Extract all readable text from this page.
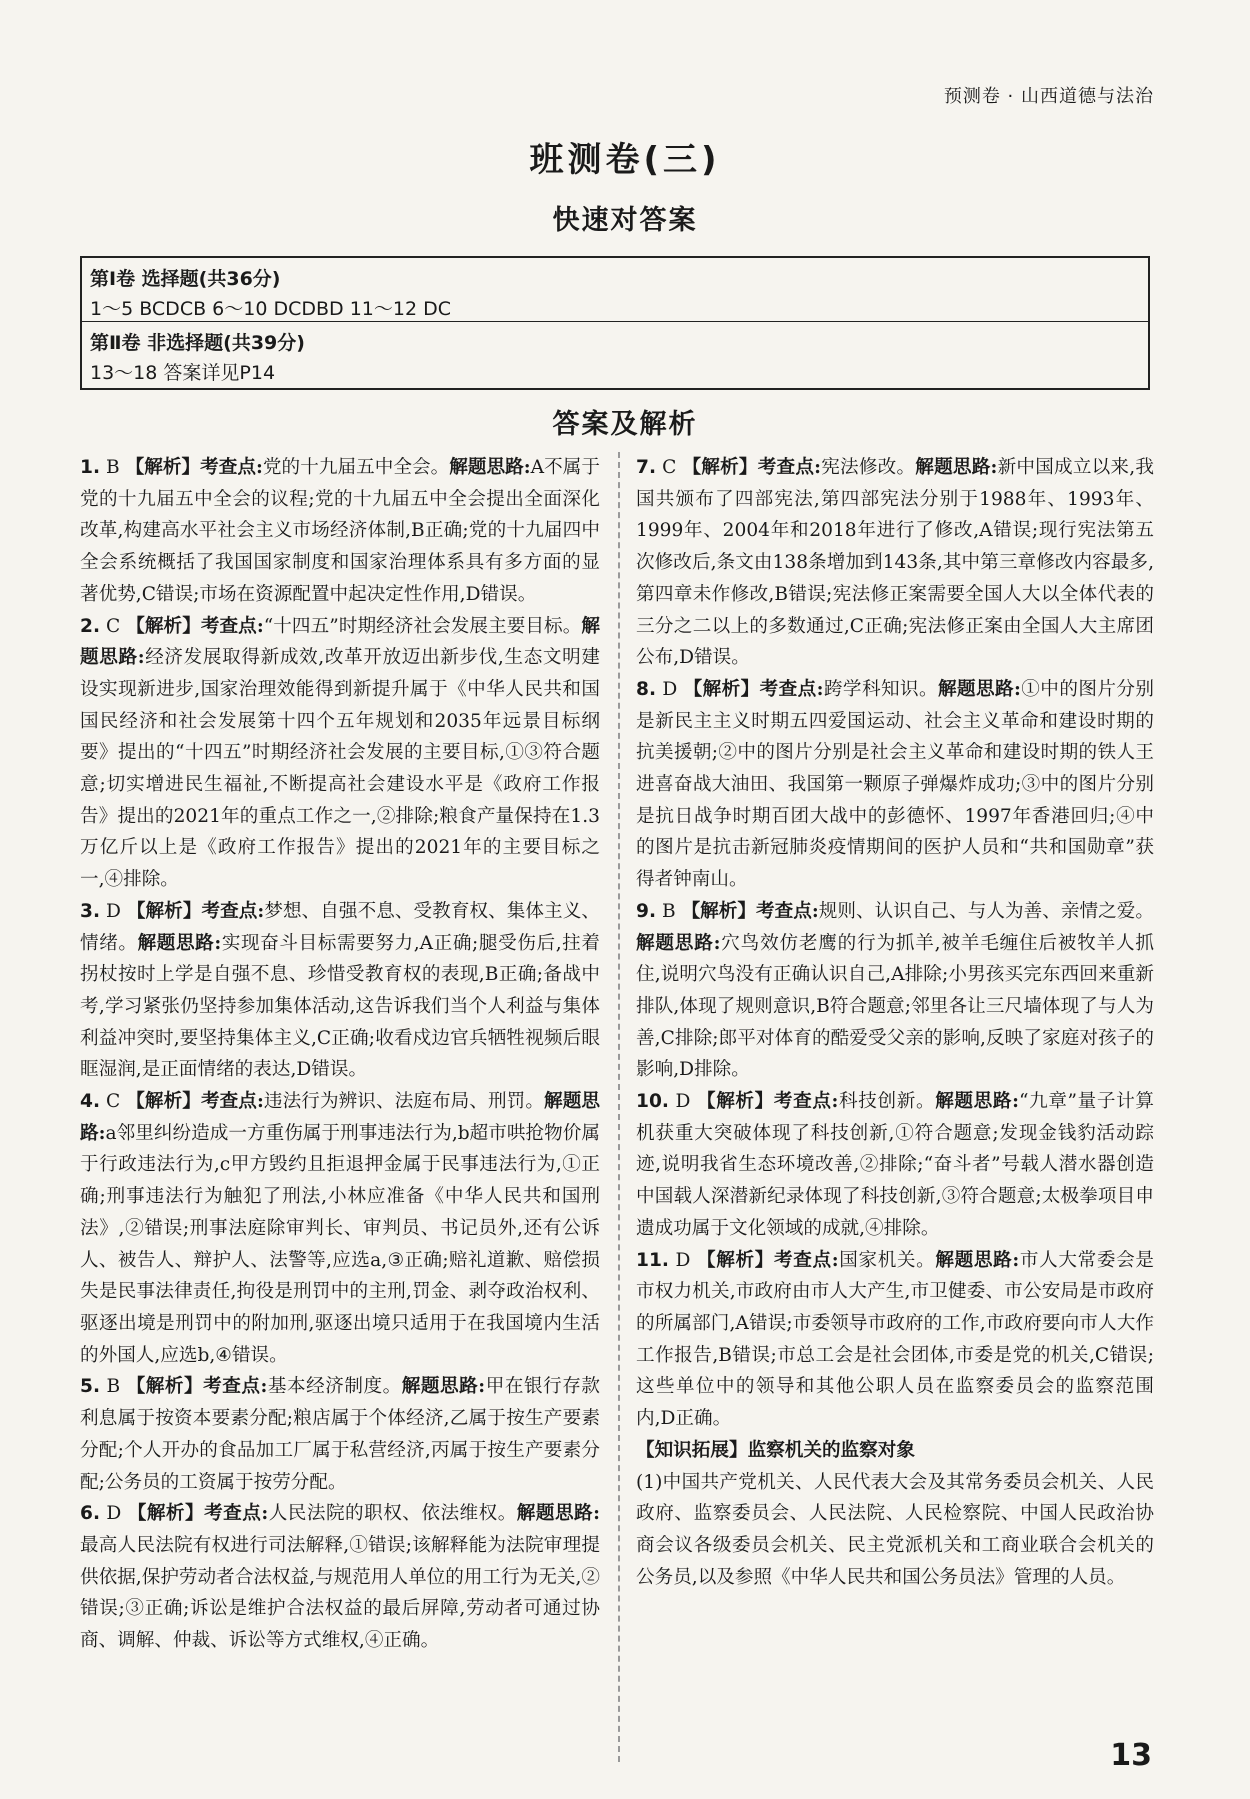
预测卷 · 山西道德与法治
班测卷(三)
快速对答案
第Ⅰ卷 选择题(共36分)
1～5 BCDCB 6～10 DCDBD 11～12 DC
第Ⅱ卷 非选择题(共39分)
13～18 答案详见P14
答案及解析
1. B 【解析】考查点:党的十九届五中全会。解题思路:A不属于党的十九届五中全会的议程;党的十九届五中全会提出全面深化改革,构建高水平社会主义市场经济体制,B正确;党的十九届四中全会系统概括了我国国家制度和国家治理体系具有多方面的显著优势,C错误;市场在资源配置中起决定性作用,D错误。
2. C 【解析】考查点:“十四五”时期经济社会发展主要目标。解题思路:经济发展取得新成效,改革开放迈出新步伐,生态文明建设实现新进步,国家治理效能得到新提升属于《中华人民共和国国民经济和社会发展第十四个五年规划和2035年远景目标纲要》提出的“十四五”时期经济社会发展的主要目标,①③符合题意;切实增进民生福祉,不断提高社会建设水平是《政府工作报告》提出的2021年的重点工作之一,②排除;粮食产量保持在1.3万亿斤以上是《政府工作报告》提出的2021年的主要目标之一,④排除。
3. D 【解析】考查点:梦想、自强不息、受教育权、集体主义、情绪。解题思路:实现奋斗目标需要努力,A正确;腿受伤后,拄着拐杖按时上学是自强不息、珍惜受教育权的表现,B正确;备战中考,学习紧张仍坚持参加集体活动,这告诉我们当个人利益与集体利益冲突时,要坚持集体主义,C正确;收看戍边官兵牺牲视频后眼眶湿润,是正面情绪的表达,D错误。
4. C 【解析】考查点:违法行为辨识、法庭布局、刑罚。解题思路:a邻里纠纷造成一方重伤属于刑事违法行为,b超市哄抢物价属于行政违法行为,c甲方毁约且拒退押金属于民事违法行为,①正确;刑事违法行为触犯了刑法,小林应准备《中华人民共和国刑法》,②错误;刑事法庭除审判长、审判员、书记员外,还有公诉人、被告人、辩护人、法警等,应选a,③正确;赔礼道歉、赔偿损失是民事法律责任,拘役是刑罚中的主刑,罚金、剥夺政治权利、驱逐出境是刑罚中的附加刑,驱逐出境只适用于在我国境内生活的外国人,应选b,④错误。
5. B 【解析】考查点:基本经济制度。解题思路:甲在银行存款利息属于按资本要素分配;粮店属于个体经济,乙属于按生产要素分配;个人开办的食品加工厂属于私营经济,丙属于按生产要素分配;公务员的工资属于按劳分配。
6. D 【解析】考查点:人民法院的职权、依法维权。解题思路:最高人民法院有权进行司法解释,①错误;该解释能为法院审理提供依据,保护劳动者合法权益,与规范用人单位的用工行为无关,②错误;③正确;诉讼是维护合法权益的最后屏障,劳动者可通过协商、调解、仲裁、诉讼等方式维权,④正确。
7. C 【解析】考查点:宪法修改。解题思路:新中国成立以来,我国共颁布了四部宪法,第四部宪法分别于1988年、1993年、1999年、2004年和2018年进行了修改,A错误;现行宪法第五次修改后,条文由138条增加到143条,其中第三章修改内容最多,第四章未作修改,B错误;宪法修正案需要全国人大以全体代表的三分之二以上的多数通过,C正确;宪法修正案由全国人大主席团公布,D错误。
8. D 【解析】考查点:跨学科知识。解题思路:①中的图片分别是新民主主义时期五四爱国运动、社会主义革命和建设时期的抗美援朝;②中的图片分别是社会主义革命和建设时期的铁人王进喜奋战大油田、我国第一颗原子弹爆炸成功;③中的图片分别是抗日战争时期百团大战中的彭德怀、1997年香港回归;④中的图片是抗击新冠肺炎疫情期间的医护人员和“共和国勋章”获得者钟南山。
9. B 【解析】考查点:规则、认识自己、与人为善、亲情之爱。解题思路:穴鸟效仿老鹰的行为抓羊,被羊毛缠住后被牧羊人抓住,说明穴鸟没有正确认识自己,A排除;小男孩买完东西回来重新排队,体现了规则意识,B符合题意;邻里各让三尺墙体现了与人为善,C排除;郎平对体育的酷爱受父亲的影响,反映了家庭对孩子的影响,D排除。
10. D 【解析】考查点:科技创新。解题思路:“九章”量子计算机获重大突破体现了科技创新,①符合题意;发现金钱豹活动踪迹,说明我省生态环境改善,②排除;“奋斗者”号载人潜水器创造中国载人深潜新纪录体现了科技创新,③符合题意;太极拳项目申遗成功属于文化领域的成就,④排除。
11. D 【解析】考查点:国家机关。解题思路:市人大常委会是市权力机关,市政府由市人大产生,市卫健委、市公安局是市政府的所属部门,A错误;市委领导市政府的工作,市政府要向市人大作工作报告,B错误;市总工会是社会团体,市委是党的机关,C错误;这些单位中的领导和其他公职人员在监察委员会的监察范围内,D正确。
【知识拓展】监察机关的监察对象
(1)中国共产党机关、人民代表大会及其常务委员会机关、人民政府、监察委员会、人民法院、人民检察院、中国人民政治协商会议各级委员会机关、民主党派机关和工商业联合会机关的公务员,以及参照《中华人民共和国公务员法》管理的人员。
13
